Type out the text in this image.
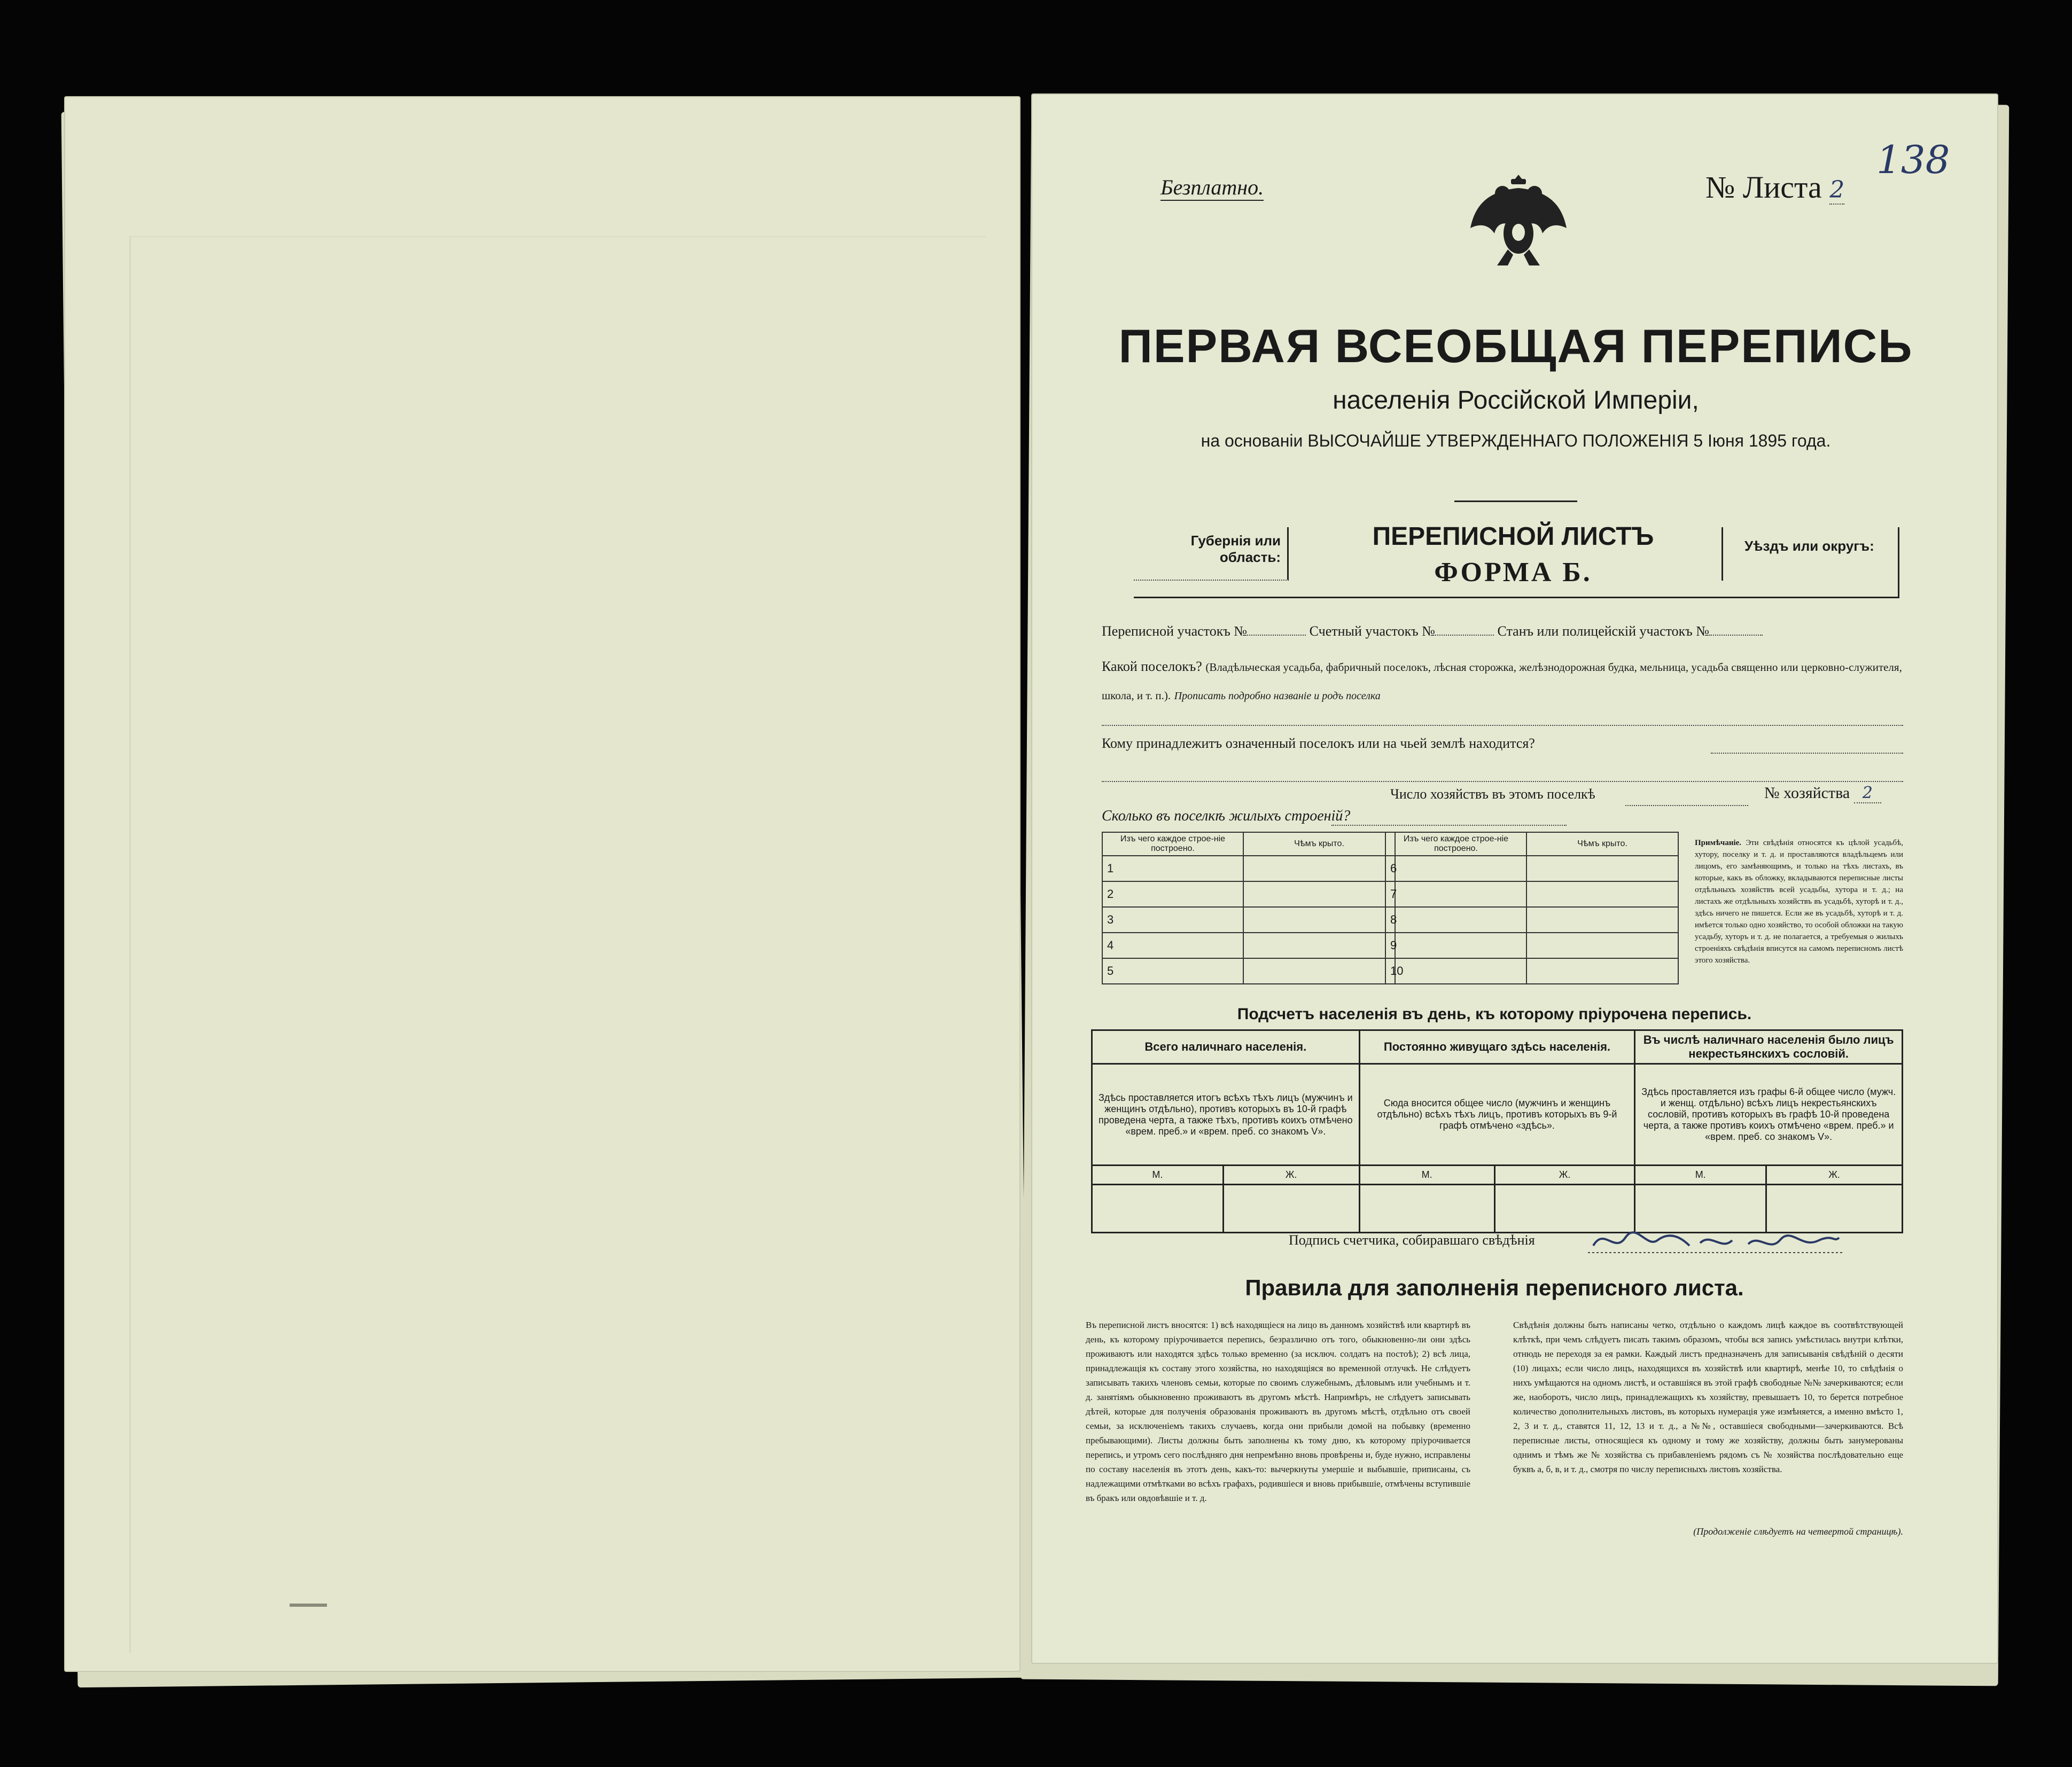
Безплатно.	№ Листа 2
138
ПЕРВАЯ ВСЕОБЩАЯ ПЕРЕПИСЬ
населенія Россійской Имперіи,
на основаніи ВЫСОЧАЙШЕ УТВЕРЖДЕННАГО ПОЛОЖЕНІЯ 5 Іюня 1895 года.
Губернія или область:
ПЕРЕПИСНОЙ ЛИСТЪ
ФОРМА Б.
Уѣздъ или округъ:
Переписной участокъ №	Счетный участокъ №	Станъ или полицейскій участокъ №
Какой поселокъ? (Владѣльческая усадьба, фабричный поселокъ, лѣсная сторожка, желѣзнодорожная будка, мельница, усадьба священно или церковно-служителя, школа, и т. п.). Прописать подробно названіе и родъ поселка
Кому принадлежитъ означенный поселокъ или на чьей землѣ находится?
Число хозяйствъ въ этомъ поселкѣ	№ хозяйства 2
Сколько въ поселкѣ жилыхъ строеній?
Изъ чего каждое строе-ніе построено.	Чѣмъ крыто.
1	
2	
3	
4	
5	
Изъ чего каждое строе-ніе построено.	Чѣмъ крыто.
6	
7	
8	
9	
10	
Примѣчаніе. Эти свѣдѣнія относятся къ цѣлой усадьбѣ, хутору, поселку и т. д. и проставляются владѣльцемъ или лицомъ, его замѣняющимъ, и только на тѣхъ листахъ, въ которые, какъ въ обложку, вкладываются переписные листы отдѣльныхъ хозяйствъ всей усадьбы, хутора и т. д.; на листахъ же отдѣльныхъ хозяйствъ въ усадьбѣ, хуторѣ и т. д., здѣсь ничего не пишется. Если же въ усадьбѣ, хуторѣ и т. д. имѣется только одно хозяйство, то особой обложки на такую усадьбу, хуторъ и т. д. не полагается, а требуемыя о жилыхъ строеніяхъ свѣдѣнія вписутся на самомъ переписномъ листѣ этого хозяйства.
Подсчетъ населенія въ день, къ которому пріурочена перепись.
Всего наличнаго населенія.		Постоянно живущаго здѣсь населенія.		Въ числѣ наличнаго населенія было лицъ некрестьянскихъ сословій.	
Здѣсь проставляется итогъ всѣхъ тѣхъ лицъ (мужчинъ и женщинъ отдѣльно), противъ которыхъ въ 10-й графѣ проведена черта, а также тѣхъ, противъ коихъ отмѣчено «врем. преб.» и «врем. преб. со знакомъ V».		Сюда вносится общее число (мужчинъ и женщинъ отдѣльно) всѣхъ тѣхъ лицъ, противъ которыхъ въ 9-й графѣ отмѣчено «здѣсь».		Здѣсь проставляется изъ графы 6-й общее число (мужч. и женщ. отдѣльно) всѣхъ лицъ некрестьянскихъ сословій, противъ которыхъ въ графѣ 10-й проведена черта, а также противъ коихъ отмѣчено «врем. преб.» и «врем. преб. со знакомъ V».	
М.	Ж.	М.	Ж.	М.	Ж.

Подпись счетчика, собиравшаго свѣдѣнія
Правила для заполненія переписного листа.
Въ переписной листъ вносятся: 1) всѣ находящіеся на лицо въ данномъ хозяйствѣ или квартирѣ въ день, къ которому пріурочивается перепись, безразлично отъ того, обыкновенно-ли они здѣсь проживаютъ или находятся здѣсь только временно (за исключ. солдатъ на постоѣ); 2) всѣ лица, принадлежащія къ составу этого хозяйства, но находящіяся во временной отлучкѣ. Не слѣдуетъ записывать такихъ членовъ семьи, которые по своимъ служебнымъ, дѣловымъ или учебнымъ и т. д. занятіямъ обыкновенно проживаютъ въ другомъ мѣстѣ. Напримѣръ, не слѣдуетъ записывать дѣтей, которые для полученія образованія проживаютъ въ другомъ мѣстѣ, отдѣльно отъ своей семьи, за исключеніемъ такихъ случаевъ, когда они прибыли домой на побывку (временно пребывающими). Листы должны быть заполнены къ тому дню, къ которому пріурочивается перепись, и утромъ сего послѣдняго дня непремѣнно вновь провѣрены и, буде нужно, исправлены по составу населенія въ этотъ день, какъ-то: вычеркнуты умершіе и выбывшіе, приписаны, съ надлежащими отмѣтками во всѣхъ графахъ, родившіеся и вновь прибывшіе, отмѣчены вступившіе въ бракъ или овдовѣвшіе и т. д.
Свѣдѣнія должны быть написаны четко, отдѣльно о каждомъ лицѣ каждое въ соотвѣтствующей клѣткѣ, при чемъ слѣдуетъ писать такимъ образомъ, чтобы вся запись умѣстилась внутри клѣтки, отнюдь не переходя за ея рамки. Каждый листъ предназначенъ для записыванія свѣдѣній о десяти (10) лицахъ; если число лицъ, находящихся въ хозяйствѣ или квартирѣ, менѣе 10, то свѣдѣнія о нихъ умѣщаются на одномъ листѣ, и оставшіяся въ этой графѣ свободные №№ зачеркиваются; если же, наоборотъ, число лицъ, принадлежащихъ къ хозяйству, превышаетъ 10, то берется потребное количество дополнительныхъ листовъ, въ которыхъ нумерація уже измѣняется, а именно вмѣсто 1, 2, 3 и т. д., ставятся 11, 12, 13 и т. д., а №№, оставшіеся свободными—зачеркиваются. Всѣ переписные листы, относящіеся къ одному и тому же хозяйству, должны быть занумерованы однимъ и тѣмъ же № хозяйства съ прибавленіемъ рядомъ съ № хозяйства послѣдовательно еще буквъ а, б, в, и т. д., смотря по числу переписныхъ листовъ хозяйства.
(Продолженіе слѣдуетъ на четвертой страницѣ).
